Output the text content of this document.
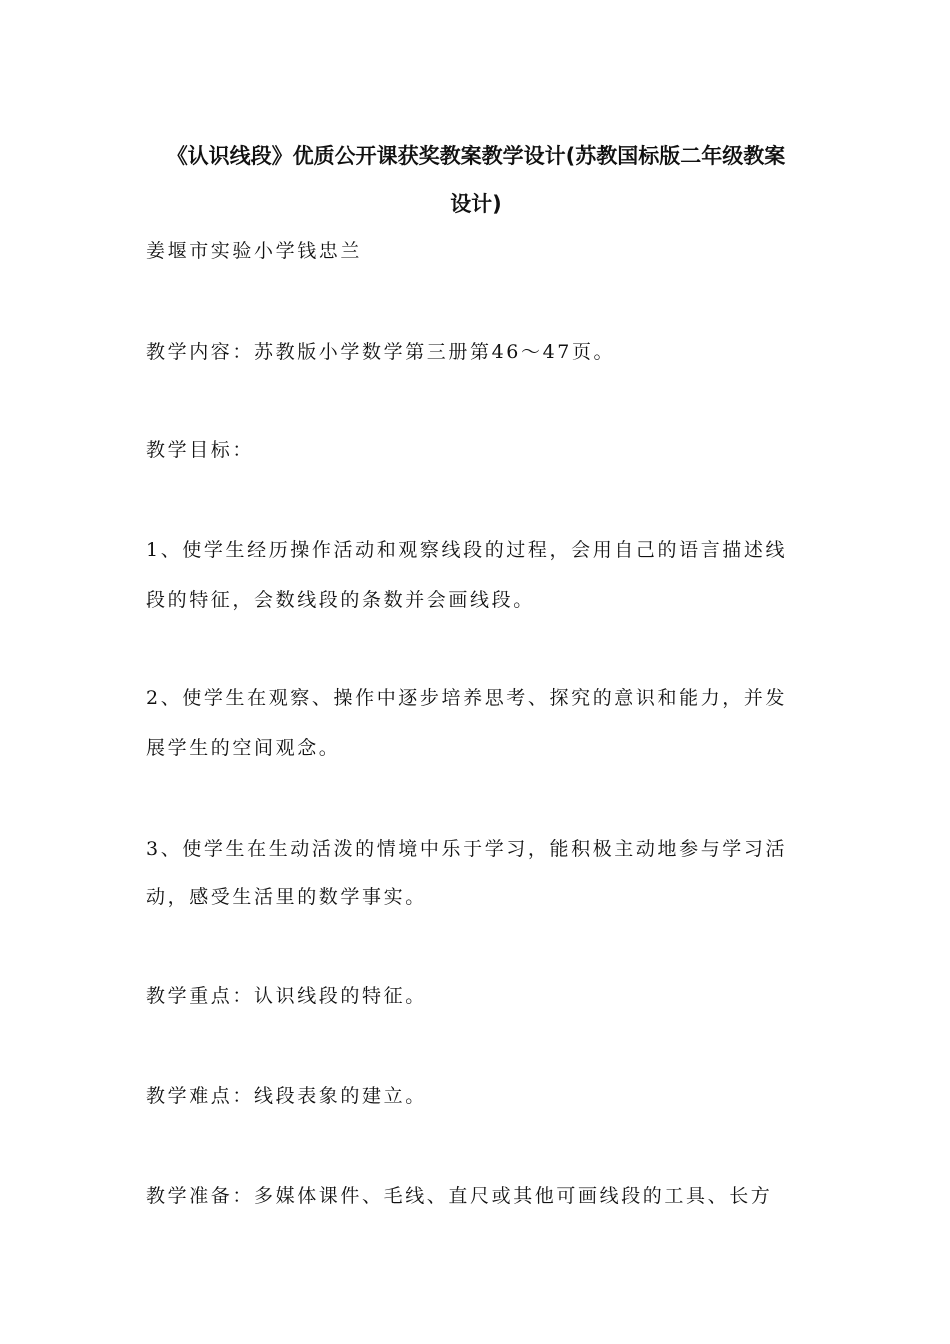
《认识线段》优质公开课获奖教案教学设计(苏教国标版二年级教案
设计)

姜堰市实验小学钱忠兰

教学内容：苏教版小学数学第三册第46～47页。

教学目标：

1、使学生经历操作活动和观察线段的过程，会用自己的语言描述线

段的特征，会数线段的条数并会画线段。

2、使学生在观察、操作中逐步培养思考、探究的意识和能力，并发

展学生的空间观念。

3、使学生在生动活泼的情境中乐于学习，能积极主动地参与学习活

动，感受生活里的数学事实。

教学重点：认识线段的特征。

教学难点：线段表象的建立。

教学准备：多媒体课件、毛线、直尺或其他可画线段的工具、长方
